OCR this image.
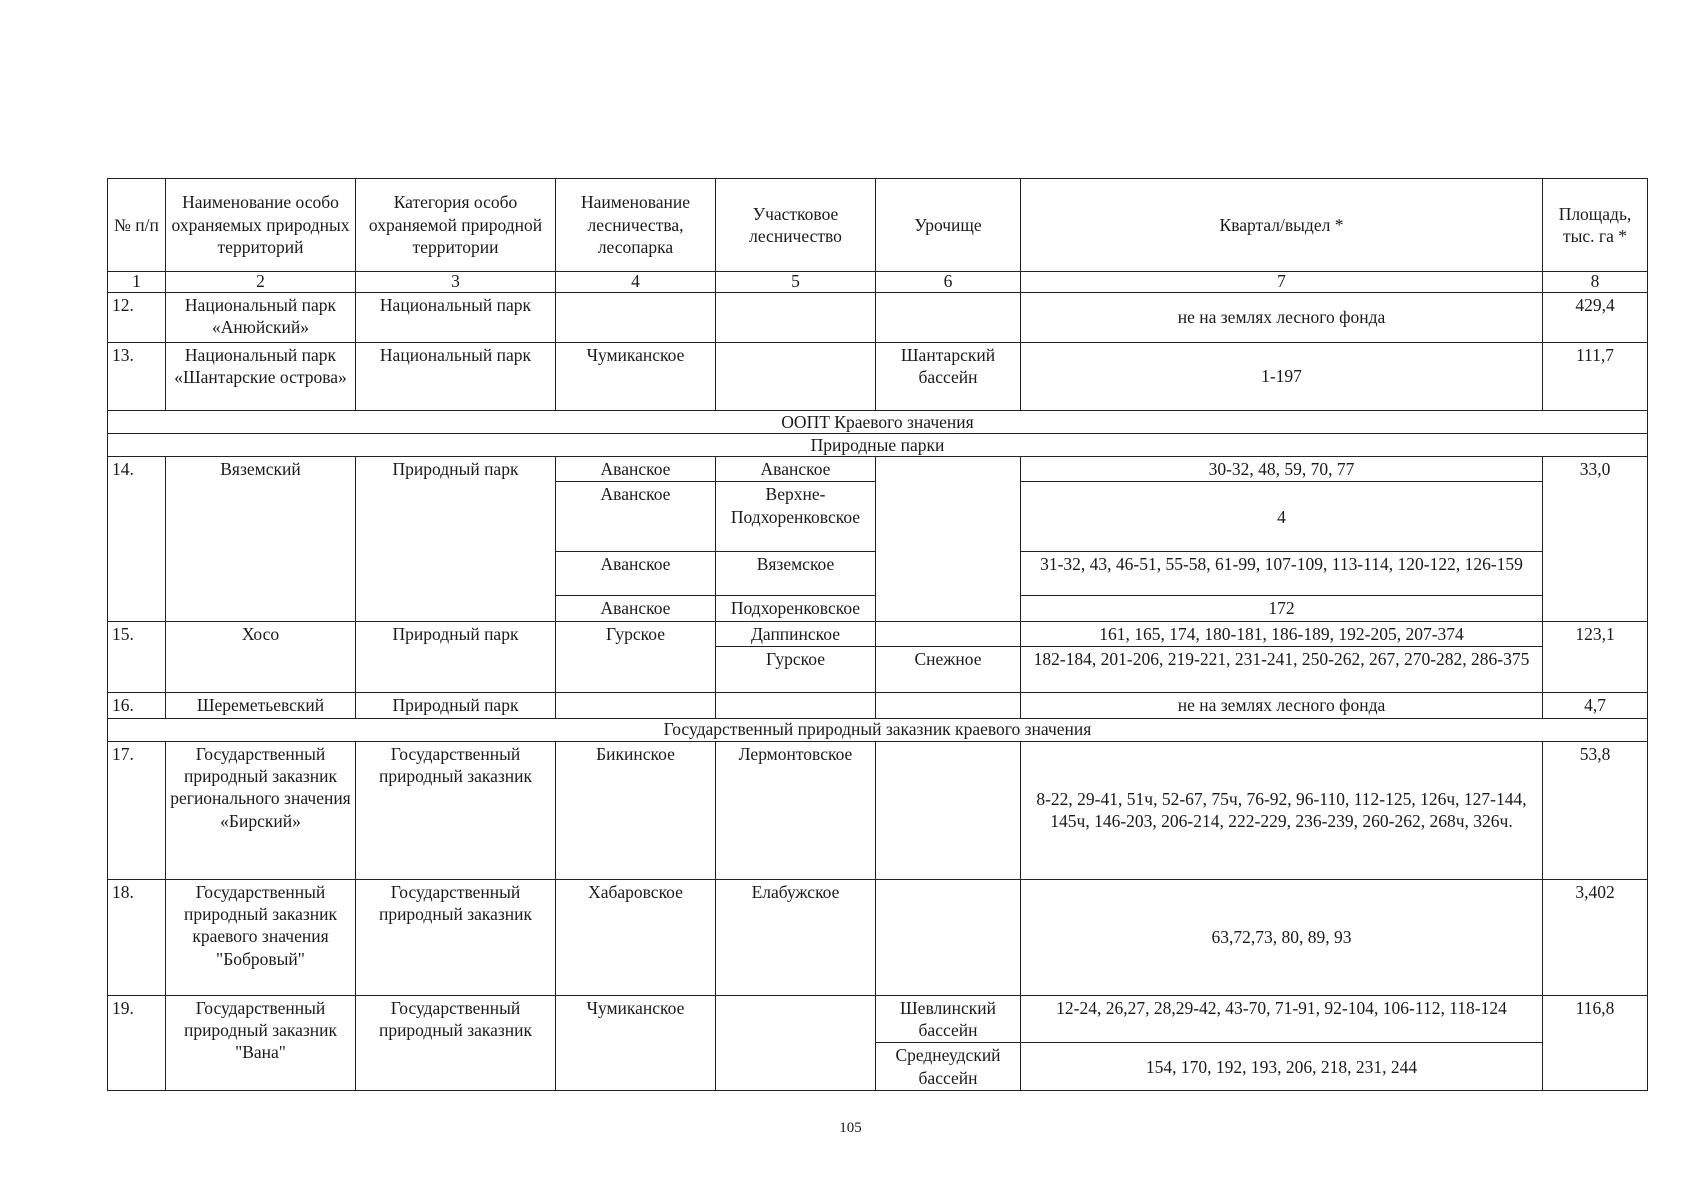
№ п/п	Наименование особо охраняемых природных территорий	Категория особо охраняемой природной территории	Наименование лесничества, лесопарка	Участковое лесничество	Урочище	Квартал/выдел *	Площадь, тыс. га *
1	2	3	4	5	6	7	8
12.	Национальный парк «Анюйский»	Национальный парк				не на землях лесного фонда	429,4
13.	Национальный парк «Шантарские острова»	Национальный парк	Чумиканское		Шантарский бассейн	1-197	111,7
ООПТ Краевого значения							
Природные парки							
14.	Вяземский	Природный парк	Аванское	Аванское		30-32, 48, 59, 70, 77	33,0
			Аванское	Верхне-Подхоренковское		4	
			Аванское	Вяземское		31-32, 43, 46-51, 55-58, 61-99, 107-109, 113-114, 120-122, 126-159	
			Аванское	Подхоренковское		172	
15.	Хосо	Природный парк	Гурское	Даппинское		161, 165, 174, 180-181, 186-189, 192-205, 207-374	123,1
				Гурское	Снежное	182-184, 201-206, 219-221, 231-241, 250-262, 267, 270-282, 286-375	
16.	Шереметьевский	Природный парк				не на землях лесного фонда	4,7
Государственный природный заказник краевого значения							
17.	Государственный природный заказник регионального значения «Бирский»	Государственный природный заказник	Бикинское	Лермонтовское		8-22, 29-41, 51ч, 52-67, 75ч, 76-92, 96-110, 112-125, 126ч, 127-144, 145ч, 146-203, 206-214, 222-229, 236-239, 260-262, 268ч, 326ч.	53,8
18.	Государственный природный заказник краевого значения "Бобровый"	Государственный природный заказник	Хабаровское	Елабужское		63,72,73, 80, 89, 93	3,402
19.	Государственный природный заказник "Вана"	Государственный природный заказник	Чумиканское		Шевлинский бассейн	12-24, 26,27, 28,29-42, 43-70, 71-91, 92-104, 106-112, 118-124	116,8
					Среднеудский бассейн	154, 170, 192, 193, 206, 218, 231, 244	
105
